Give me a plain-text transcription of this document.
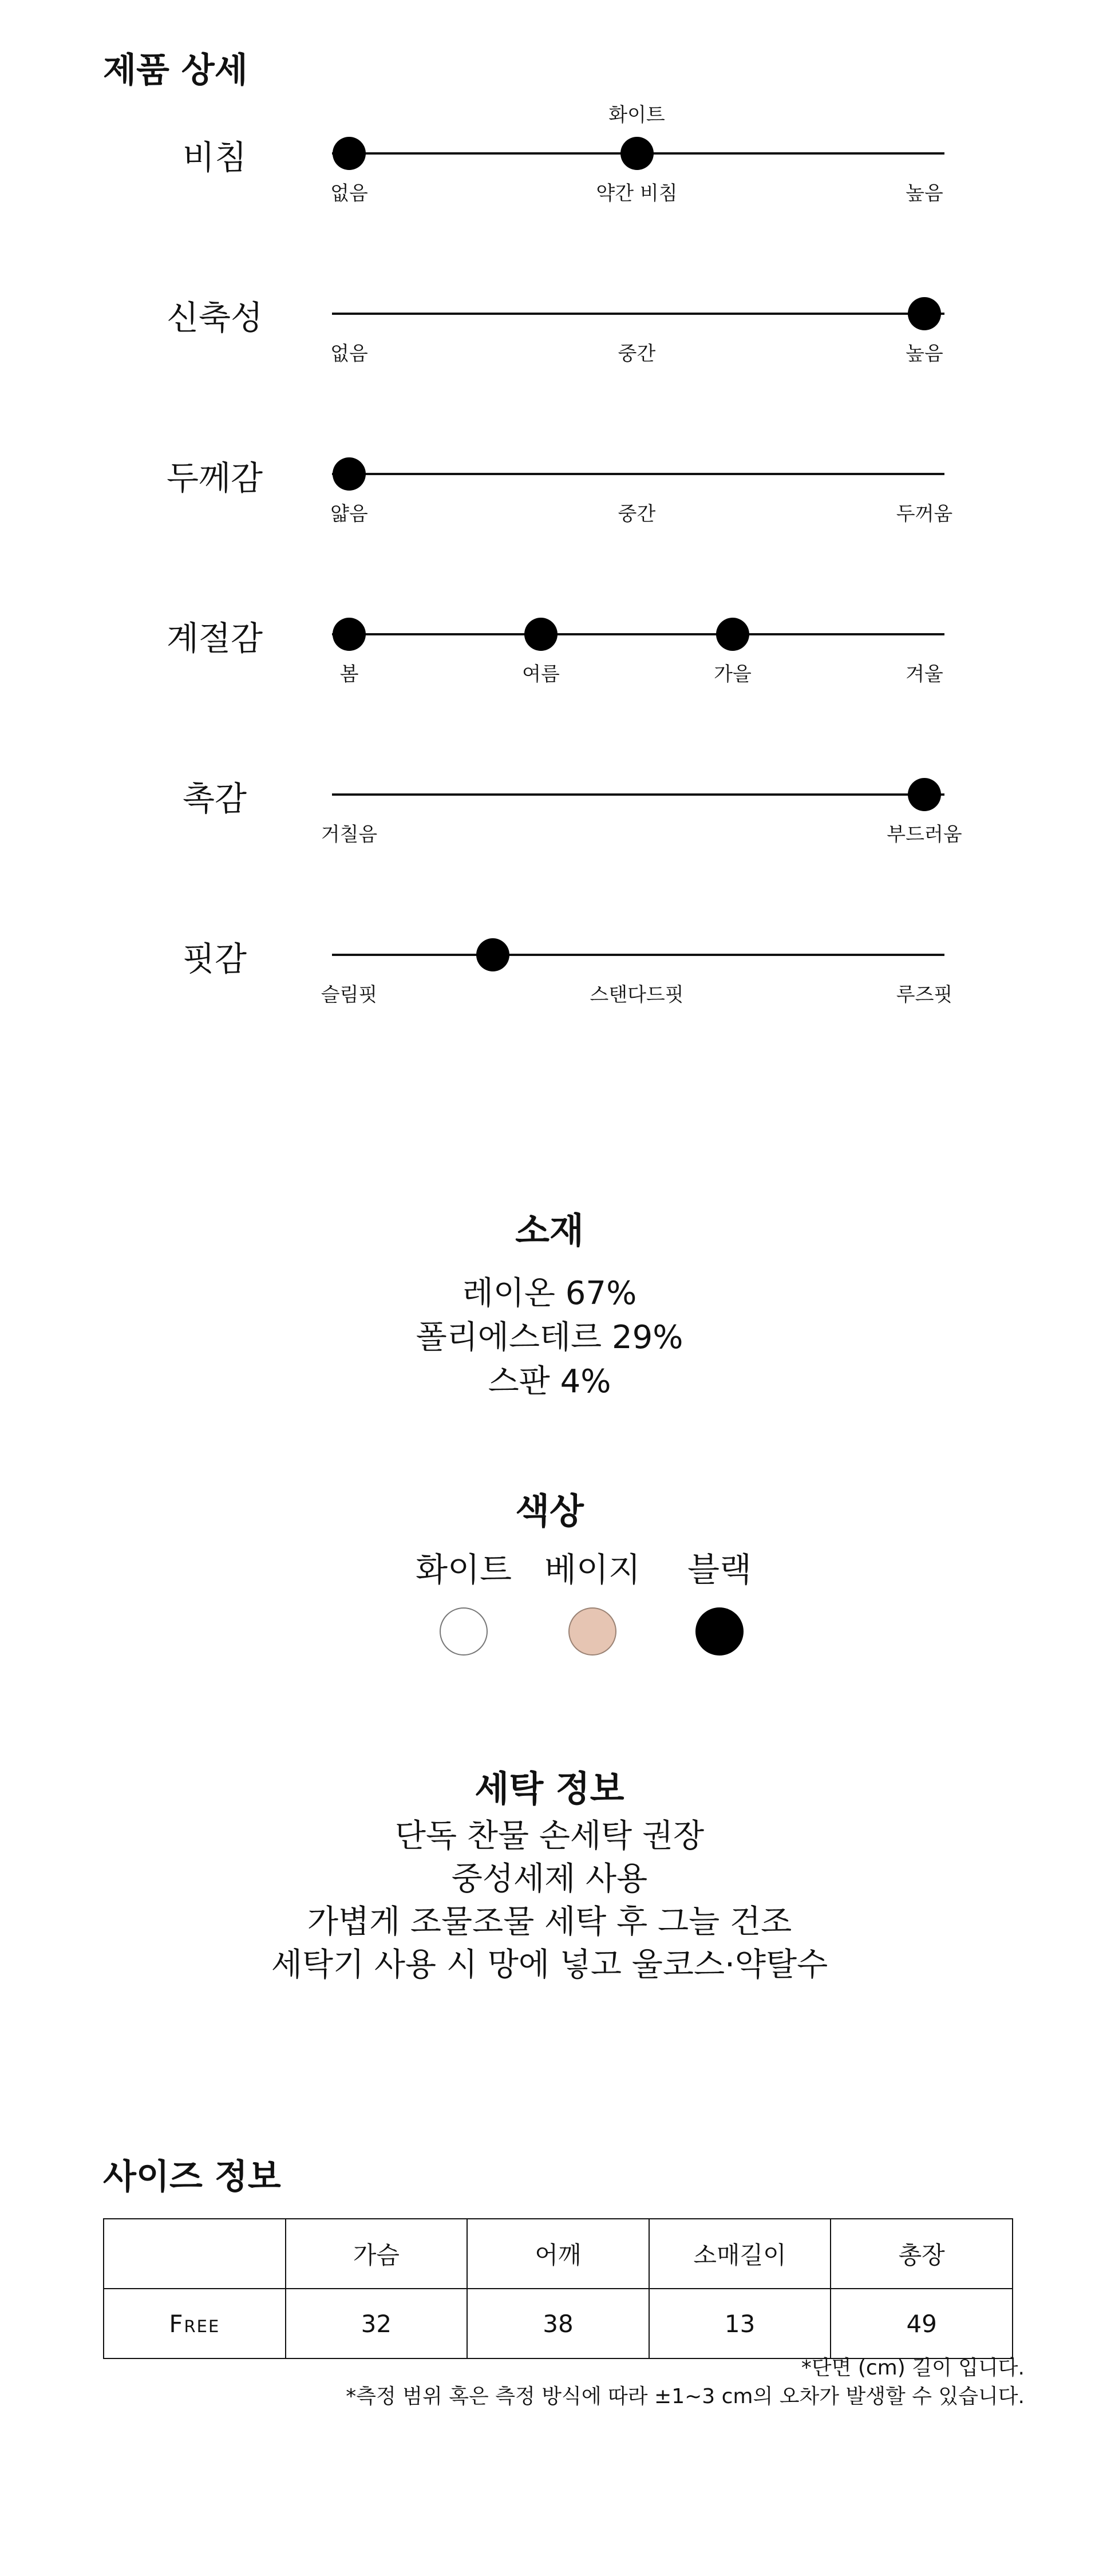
제품 상세
비침
없음	약간 비침	높음
화이트
신축성
없음	중간	높음
두께감
얇음	중간	두꺼움
계절감
봄	여름	가을	겨울
촉감
거칠음	부드러움
핏감
슬림핏	스탠다드핏	루즈핏
소재
레이온 67%
폴리에스테르 29%
스판 4%
색상
화이트 베이지 블랙
세탁 정보
단독 찬물 손세탁 권장
중성세제 사용
가볍게 조물조물 세탁 후 그늘 건조
세탁기 사용 시 망에 넣고 울코스·약탈수
사이즈 정보
	가슴	어깨	소매길이	총장
Free	32	38	13	49
*단면 (cm) 길이 입니다.
*측정 범위 혹은 측정 방식에 따라 ±1~3 cm의 오차가 발생할 수 있습니다.
